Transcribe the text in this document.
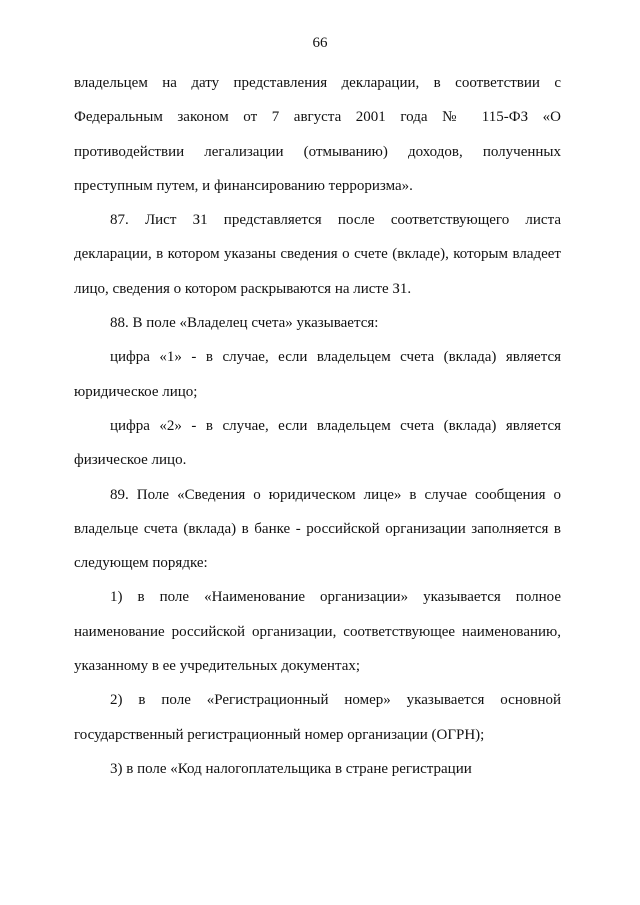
66
владельцем на дату представления декларации, в соответствии с Федеральным законом от 7 августа 2001 года № 115-ФЗ «О противодействии легализации (отмыванию) доходов, полученных преступным путем, и финансированию терроризма».
87. Лист З1 представляется после соответствующего листа декларации, в котором указаны сведения о счете (вкладе), которым владеет лицо, сведения о котором раскрываются на листе З1.
88. В поле «Владелец счета» указывается:
цифра «1» - в случае, если владельцем счета (вклада) является юридическое лицо;
цифра «2» - в случае, если владельцем счета (вклада) является физическое лицо.
89. Поле «Сведения о юридическом лице» в случае сообщения о владельце счета (вклада) в банке - российской организации заполняется в следующем порядке:
1) в поле «Наименование организации» указывается полное наименование российской организации, соответствующее наименованию, указанному в ее учредительных документах;
2) в поле «Регистрационный номер» указывается основной государственный регистрационный номер организации (ОГРН);
3) в поле «Код налогоплательщика в стране регистрации
